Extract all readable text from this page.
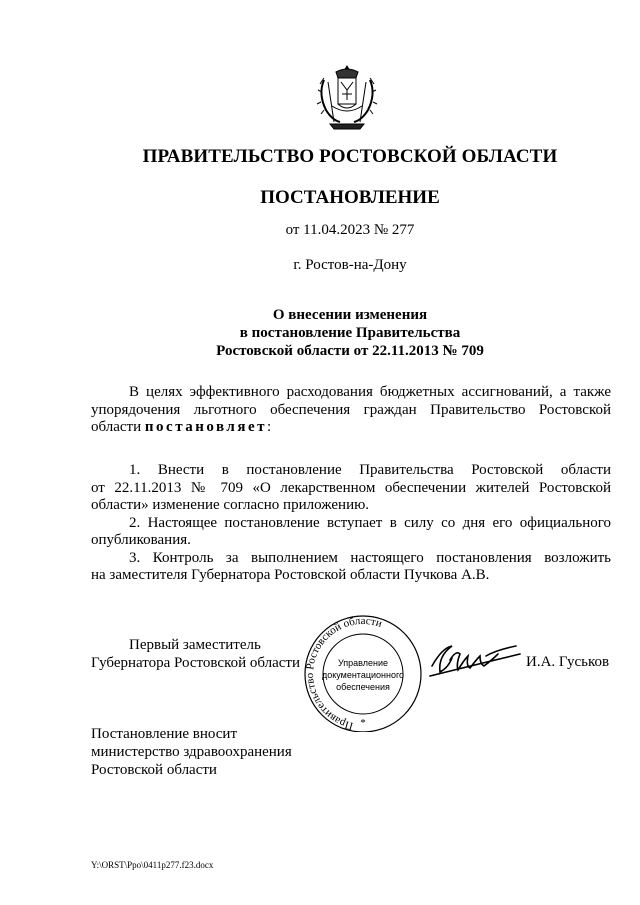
ПРАВИТЕЛЬСТВО РОСТОВСКОЙ ОБЛАСТИ
ПОСТАНОВЛЕНИЕ
от 11.04.2023 № 277
г. Ростов-на-Дону
О внесении изменения
в постановление Правительства
Ростовской области от 22.11.2013 № 709
В целях эффективного расходования бюджетных ассигнований, а также
упорядочения льготного обеспечения граждан Правительство Ростовской
области постановляет:
1. Внести в постановление Правительства Ростовской области
от 22.11.2013 № 709 «О лекарственном обеспечении жителей Ростовской
области» изменение согласно приложению.
2. Настоящее постановление вступает в силу со дня его официального
опубликования.
3. Контроль за выполнением настоящего постановления возложить
на заместителя Губернатора Ростовской области Пучкова А.В.
Первый заместитель
Губернатора Ростовской области
Правительство Ростовской области
Управление
документационного
обеспечения
*
И.А. Гуськов
Постановление вносит
министерство здравоохранения
Ростовской области
Y:\ORST\Ppo\0411p277.f23.docx
